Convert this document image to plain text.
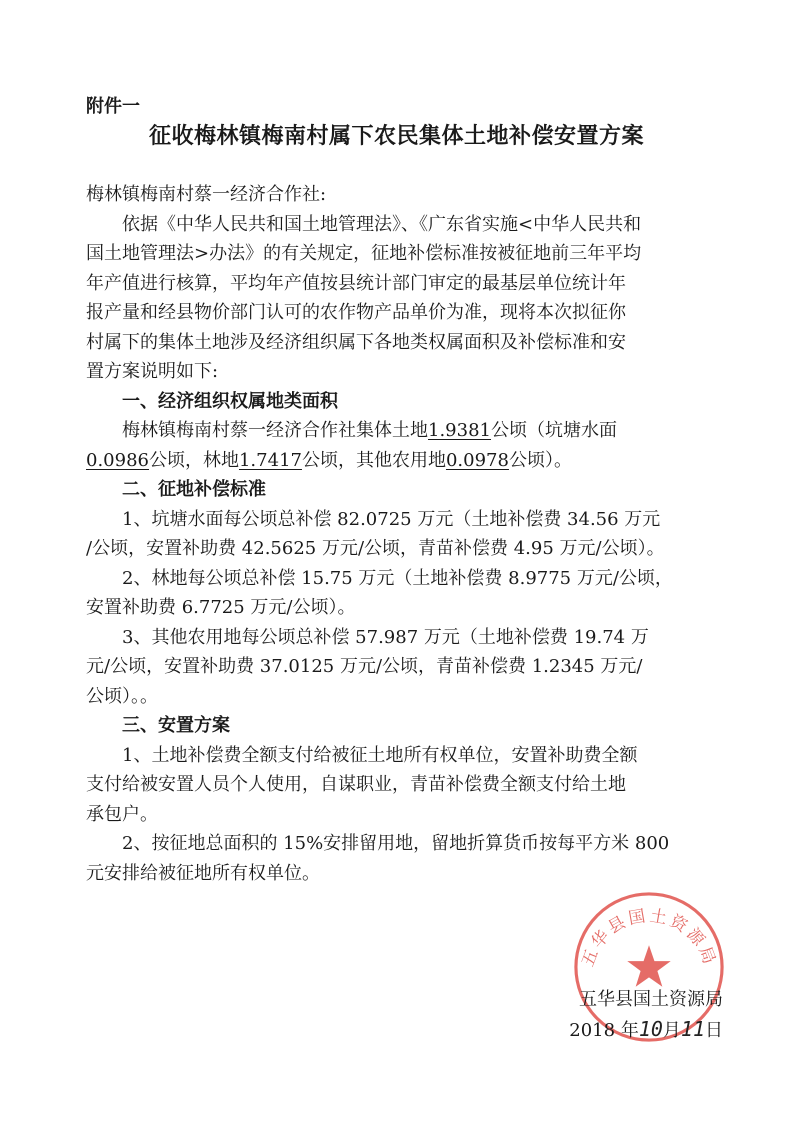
附件一
征收梅林镇梅南村属下农民集体土地补偿安置方案
梅林镇梅南村蔡一经济合作社:
依据《中华人民共和国土地管理法》、《广东省实施<中华人民共和
国土地管理法>办法》的有关规定，征地补偿标准按被征地前三年平均
年产值进行核算，平均年产值按县统计部门审定的最基层单位统计年
报产量和经县物价部门认可的农作物产品单价为准，现将本次拟征你
村属下的集体土地涉及经济组织属下各地类权属面积及补偿标准和安
置方案说明如下:
一、经济组织权属地类面积
梅林镇梅南村蔡一经济合作社集体土地1.9381公顷（坑塘水面
0.0986公顷，林地1.7417公顷，其他农用地0.0978公顷）。
二、征地补偿标准
1、坑塘水面每公顷总补偿 82.0725 万元（土地补偿费 34.56 万元
/公顷，安置补助费 42.5625 万元/公顷，青苗补偿费 4.95 万元/公顷）。
2、林地每公顷总补偿 15.75 万元（土地补偿费 8.9775 万元/公顷，
安置补助费 6.7725 万元/公顷）。
3、其他农用地每公顷总补偿 57.987 万元（土地补偿费 19.74 万
元/公顷，安置补助费 37.0125 万元/公顷，青苗补偿费 1.2345 万元/
公顷）。。
三、安置方案
1、土地补偿费全额支付给被征土地所有权单位，安置补助费全额
支付给被安置人员个人使用，自谋职业，青苗补偿费全额支付给土地
承包户。
2、按征地总面积的 15%安排留用地，留地折算货币按每平方米 800
元安排给被征地所有权单位。
五华县国土资源局
五华县国土资源局
2018 年10月11日
